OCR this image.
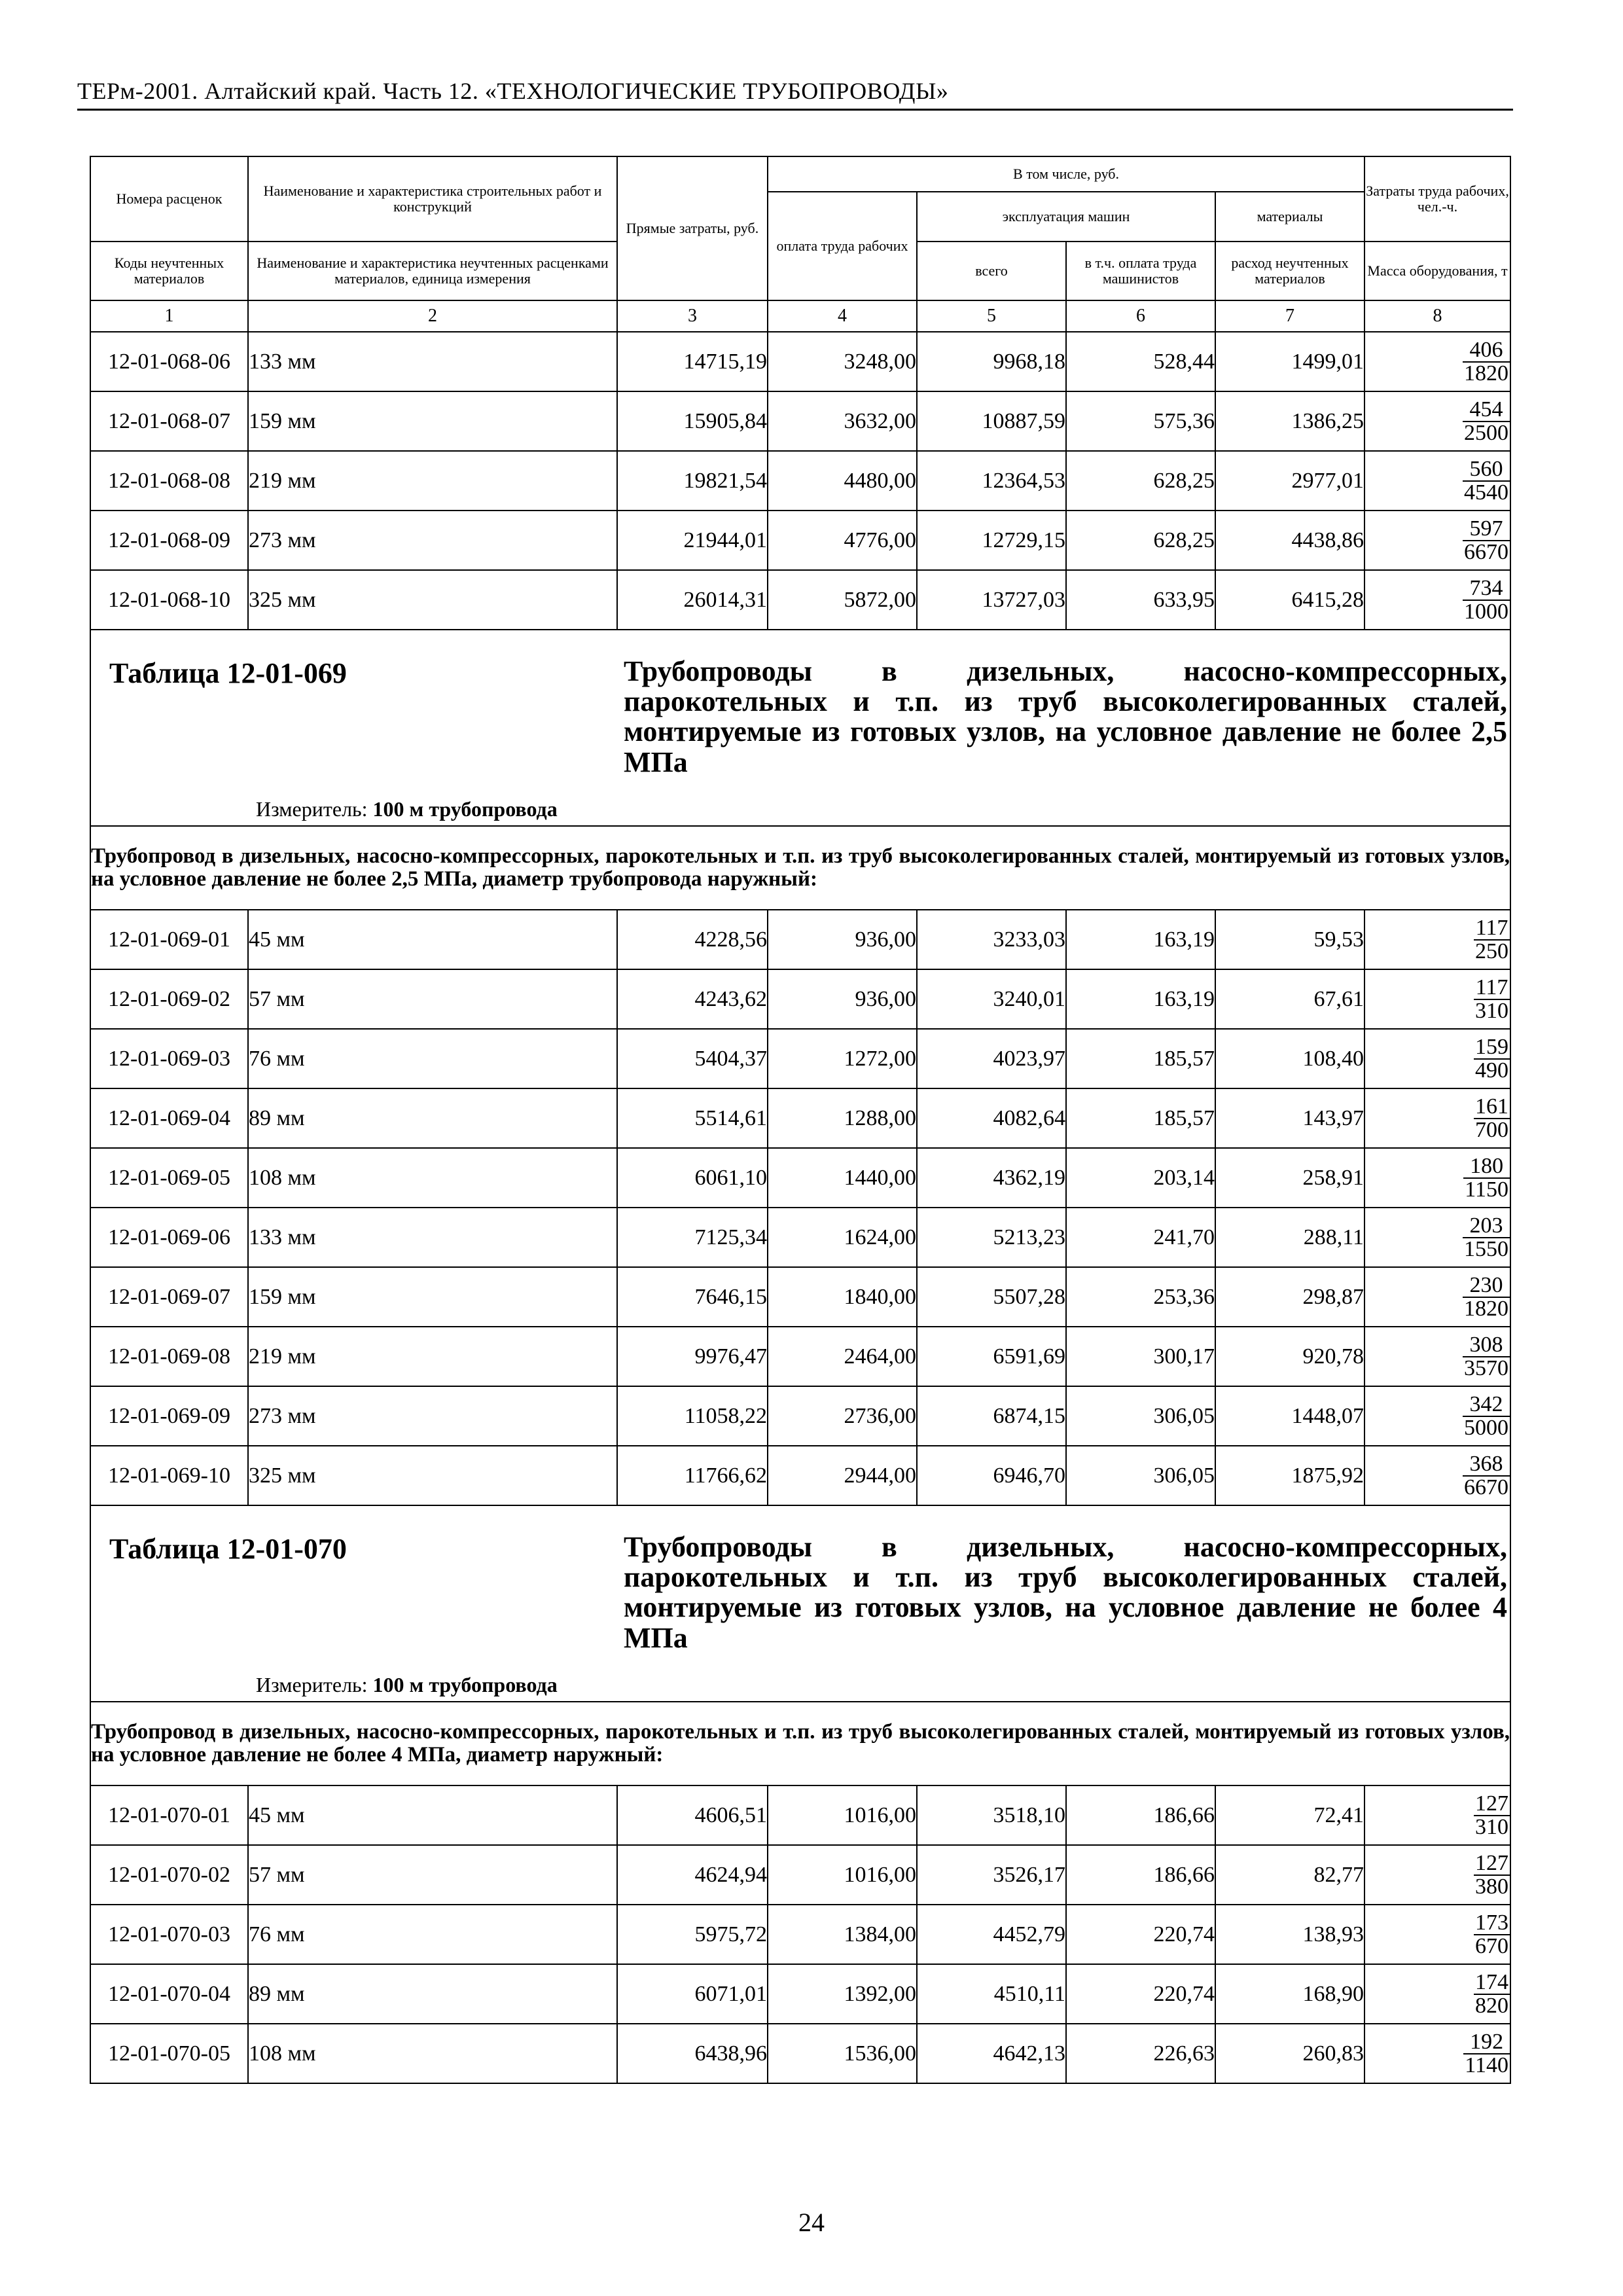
ТЕРм-2001. Алтайский край. Часть 12. «ТЕХНОЛОГИЧЕСКИЕ ТРУБОПРОВОДЫ»
Номера расценок	Наименование и характеристика строительных работ и конструкций	Прямые затраты, руб.	В том числе, руб.				Затраты труда рабочих, чел.-ч.
			оплата труда рабочих	эксплуатация машин		материалы	
Коды неучтенных материалов	Наименование и характеристика неучтенных расценками материалов, единица измерения			всего	в т.ч. оплата труда машинистов	расход неучтенных материалов	Масса оборудования, т
1	2	3	4	5	6	7	8
12-01-068-06	133 мм	14715,19	3248,00	9968,18	528,44	1499,01	$\frac{406}{1820}$

12-01-068-07	159 мм	15905,84	3632,00	10887,59	575,36	1386,25	$\frac{454}{2500}$

12-01-068-08	219 мм	19821,54	4480,00	12364,53	628,25	2977,01	$\frac{560}{4540}$

12-01-068-09	273 мм	21944,01	4776,00	12729,15	628,25	4438,86	$\frac{597}{6670}$

12-01-068-10	325 мм	26014,31	5872,00	13727,03	633,95	6415,28	$\frac{734}{1000}$

Таблица 12-01-069 Трубопроводы в дизельных, насосно-компрессорных, парокотельных и т.п. из труб высоколегированных сталей, монтируемые из готовых узлов, на условное давление не более 2,5 МПа
Измеритель: 100 м трубопровода							

Трубопровод в дизельных, насосно-компрессорных, парокотельных и т.п. из труб высоколегированных сталей, монтируемый из готовых узлов, на условное давление не более 2,5 МПа, диаметр трубопровода наружный:							

12-01-069-01	45 мм	4228,56	936,00	3233,03	163,19	59,53	$\frac{117}{250}$

12-01-069-02	57 мм	4243,62	936,00	3240,01	163,19	67,61	$\frac{117}{310}$

12-01-069-03	76 мм	5404,37	1272,00	4023,97	185,57	108,40	$\frac{159}{490}$

12-01-069-04	89 мм	5514,61	1288,00	4082,64	185,57	143,97	$\frac{161}{700}$

12-01-069-05	108 мм	6061,10	1440,00	4362,19	203,14	258,91	$\frac{180}{1150}$

12-01-069-06	133 мм	7125,34	1624,00	5213,23	241,70	288,11	$\frac{203}{1550}$

12-01-069-07	159 мм	7646,15	1840,00	5507,28	253,36	298,87	$\frac{230}{1820}$

12-01-069-08	219 мм	9976,47	2464,00	6591,69	300,17	920,78	$\frac{308}{3570}$

12-01-069-09	273 мм	11058,22	2736,00	6874,15	306,05	1448,07	$\frac{342}{5000}$

12-01-069-10	325 мм	11766,62	2944,00	6946,70	306,05	1875,92	$\frac{368}{6670}$

Таблица 12-01-070 Трубопроводы в дизельных, насосно-компрессорных, парокотельных и т.п. из труб высоколегированных сталей, монтируемые из готовых узлов, на условное давление не более 4 МПа
Измеритель: 100 м трубопровода							

Трубопровод в дизельных, насосно-компрессорных, парокотельных и т.п. из труб высоколегированных сталей, монтируемый из готовых узлов, на условное давление не более 4 МПа, диаметр наружный:							

12-01-070-01	45 мм	4606,51	1016,00	3518,10	186,66	72,41	$\frac{127}{310}$

12-01-070-02	57 мм	4624,94	1016,00	3526,17	186,66	82,77	$\frac{127}{380}$

12-01-070-03	76 мм	5975,72	1384,00	4452,79	220,74	138,93	$\frac{173}{670}$

12-01-070-04	89 мм	6071,01	1392,00	4510,11	220,74	168,90	$\frac{174}{820}$

12-01-070-05	108 мм	6438,96	1536,00	4642,13	226,63	260,83	$\frac{192}{1140}$
24
